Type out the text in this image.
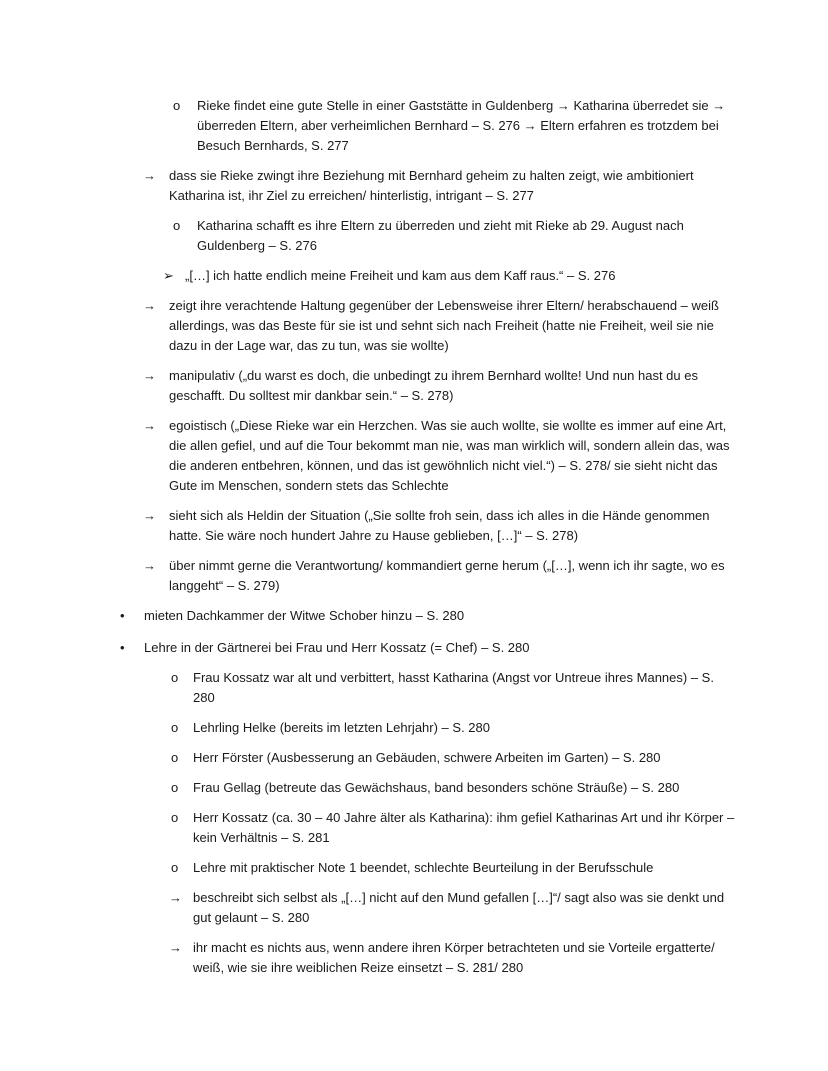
o Rieke findet eine gute Stelle in einer Gaststätte in Guldenberg → Katharina überredet sie → überreden Eltern, aber verheimlichen Bernhard – S. 276 → Eltern erfahren es trotzdem bei Besuch Bernhards, S. 277
→ dass sie Rieke zwingt ihre Beziehung mit Bernhard geheim zu halten zeigt, wie ambitioniert Katharina ist, ihr Ziel zu erreichen/ hinterlistig, intrigant – S. 277
o Katharina schafft es ihre Eltern zu überreden und zieht mit Rieke ab 29. August nach Guldenberg – S. 276
➢ „[…] ich hatte endlich meine Freiheit und kam aus dem Kaff raus.“ – S. 276
→ zeigt ihre verachtende Haltung gegenüber der Lebensweise ihrer Eltern/ herabschauend – weiß allerdings, was das Beste für sie ist und sehnt sich nach Freiheit (hatte nie Freiheit, weil sie nie dazu in der Lage war, das zu tun, was sie wollte)
→ manipulativ („du warst es doch, die unbedingt zu ihrem Bernhard wollte! Und nun hast du es geschafft. Du solltest mir dankbar sein.“ – S. 278)
→ egoistisch („Diese Rieke war ein Herzchen. Was sie auch wollte, sie wollte es immer auf eine Art, die allen gefiel, und auf die Tour bekommt man nie, was man wirklich will, sondern allein das, was die anderen entbehren, können, und das ist gewöhnlich nicht viel.“) – S. 278/ sie sieht nicht das Gute im Menschen, sondern stets das Schlechte
→ sieht sich als Heldin der Situation („Sie sollte froh sein, dass ich alles in die Hände genommen hatte. Sie wäre noch hundert Jahre zu Hause geblieben, […]“ – S. 278)
→ über nimmt gerne die Verantwortung/ kommandiert gerne herum („[…], wenn ich ihr sagte, wo es langgeht“ – S. 279)
• mieten Dachkammer der Witwe Schober hinzu – S. 280
• Lehre in der Gärtnerei bei Frau und Herr Kossatz (= Chef) – S. 280
o Frau Kossatz war alt und verbittert, hasst Katharina (Angst vor Untreue ihres Mannes) – S. 280
o Lehrling Helke (bereits im letzten Lehrjahr) – S. 280
o Herr Förster (Ausbesserung an Gebäuden, schwere Arbeiten im Garten) – S. 280
o Frau Gellag (betreute das Gewächshaus, band besonders schöne Sträuße) – S. 280
o Herr Kossatz (ca. 30 – 40 Jahre älter als Katharina): ihm gefiel Katharinas Art und ihr Körper – kein Verhältnis – S. 281
o Lehre mit praktischer Note 1 beendet, schlechte Beurteilung in der Berufsschule
→ beschreibt sich selbst als „[…] nicht auf den Mund gefallen […]“/ sagt also was sie denkt und gut gelaunt – S. 280
→ ihr macht es nichts aus, wenn andere ihren Körper betrachteten und sie Vorteile ergatterte/ weiß, wie sie ihre weiblichen Reize einsetzt – S. 281/ 280
